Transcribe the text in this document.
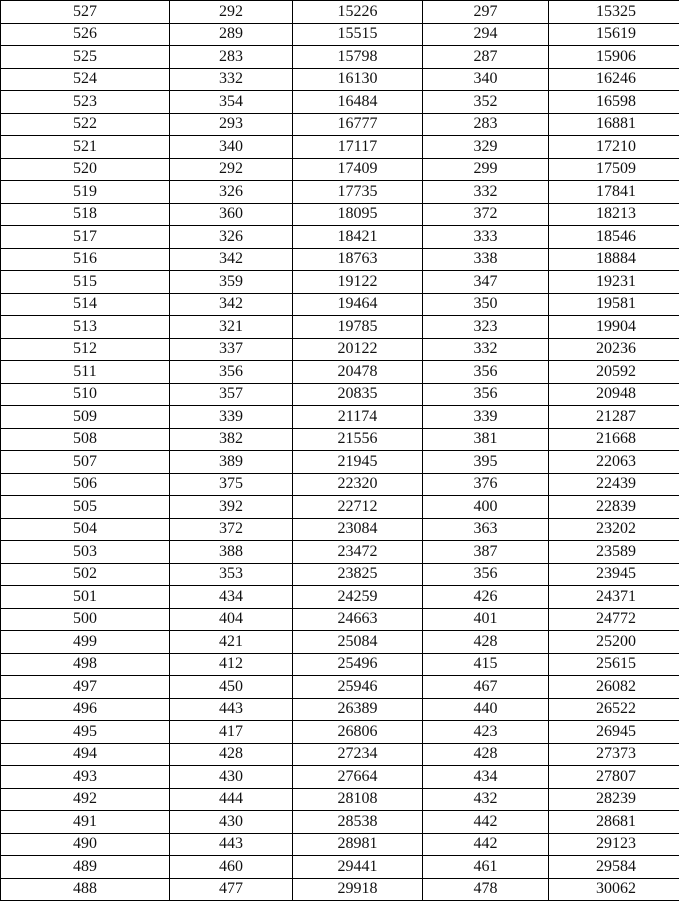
527	292	15226	297	15325
526	289	15515	294	15619
525	283	15798	287	15906
524	332	16130	340	16246
523	354	16484	352	16598
522	293	16777	283	16881
521	340	17117	329	17210
520	292	17409	299	17509
519	326	17735	332	17841
518	360	18095	372	18213
517	326	18421	333	18546
516	342	18763	338	18884
515	359	19122	347	19231
514	342	19464	350	19581
513	321	19785	323	19904
512	337	20122	332	20236
511	356	20478	356	20592
510	357	20835	356	20948
509	339	21174	339	21287
508	382	21556	381	21668
507	389	21945	395	22063
506	375	22320	376	22439
505	392	22712	400	22839
504	372	23084	363	23202
503	388	23472	387	23589
502	353	23825	356	23945
501	434	24259	426	24371
500	404	24663	401	24772
499	421	25084	428	25200
498	412	25496	415	25615
497	450	25946	467	26082
496	443	26389	440	26522
495	417	26806	423	26945
494	428	27234	428	27373
493	430	27664	434	27807
492	444	28108	432	28239
491	430	28538	442	28681
490	443	28981	442	29123
489	460	29441	461	29584
488	477	29918	478	30062
